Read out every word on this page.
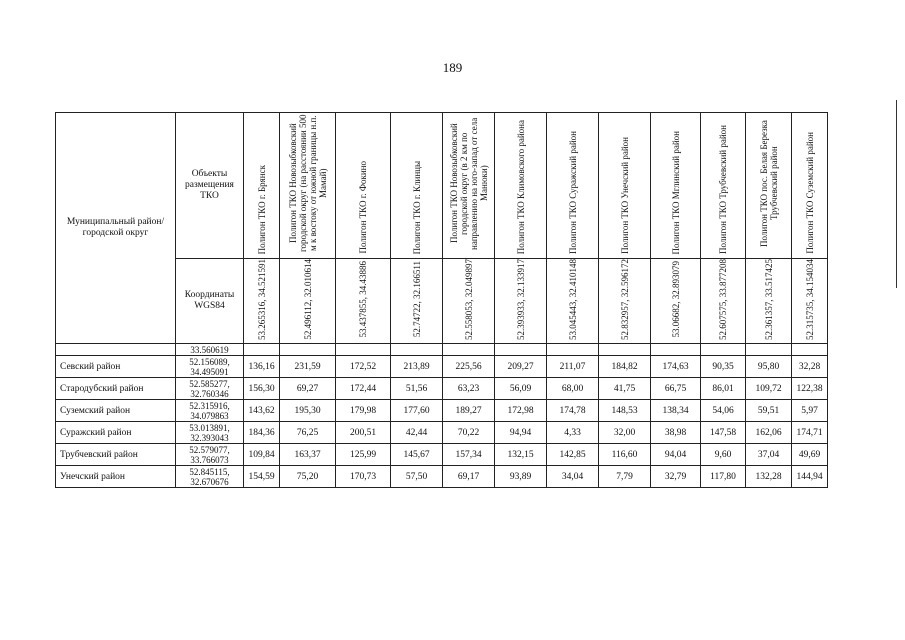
189
Муниципальный район/городской округ	Объекты размещения ТКО	Полигон ТКО г. Брянск	Полигон ТКО Новозыбковский городской округ (на расстоянии 500 м к востоку от южной границы н.п. Мамай)	Полигон ТКО г. Фокино	Полигон ТКО г. Клинцы	Полигон ТКО Новозыбковский городской округ (в 2 км по направлению на юго-запад от села Манюки)	Полигон ТКО Климовского района	Полигон ТКО Суражский район	Полигон ТКО Унечский район	Полигон ТКО Мглинский район	Полигон ТКО Трубчевский район	Полигон ТКО пос. Белая Березка Трубчевский район	Полигон ТКО Суземский район

	Координаты WGS84	53.265316, 34.521591	52.496112, 32.010614	53.437855, 34.43886	52.74722, 32.166511	52.558053, 32.049897	52.393933, 32.133917	53.045443, 32.410148	52.832957, 32.596172	53.06682, 32.893079	52.607575, 33.877208	52.361357, 33.517425	52.315735, 34.154034
	33.560619												
Севский район	52.156089, 34.495091	136,16	231,59	172,52	213,89	225,56	209,27	211,07	184,82	174,63	90,35	95,80	32,28
Стародубский район	52.585277, 32.760346	156,30	69,27	172,44	51,56	63,23	56,09	68,00	41,75	66,75	86,01	109,72	122,38
Суземский район	52.315916, 34.079863	143,62	195,30	179,98	177,60	189,27	172,98	174,78	148,53	138,34	54,06	59,51	5,97
Суражский район	53.013891, 32.393043	184,36	76,25	200,51	42,44	70,22	94,94	4,33	32,00	38,98	147,58	162,06	174,71
Трубчевский район	52.579077, 33.766073	109,84	163,37	125,99	145,67	157,34	132,15	142,85	116,60	94,04	9,60	37,04	49,69
Унечский район	52.845115, 32.670676	154,59	75,20	170,73	57,50	69,17	93,89	34,04	7,79	32,79	117,80	132,28	144,94
